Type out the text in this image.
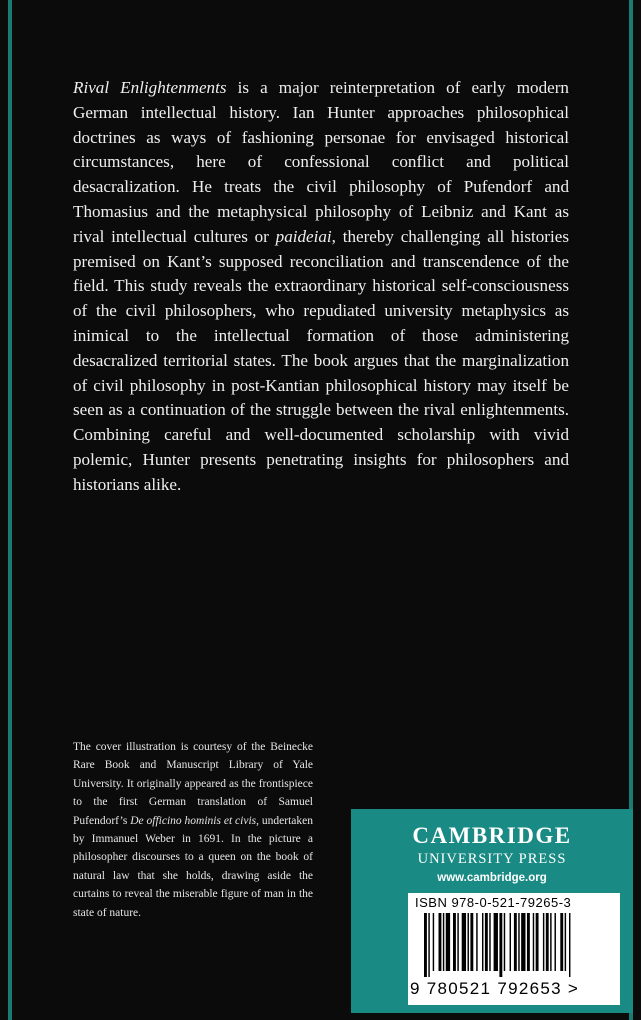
Rival Enlightenments is a major reinterpretation of early modern German intellectual history. Ian Hunter approaches philosophical doctrines as ways of fashioning personae for envisaged historical circumstances, here of confessional conflict and political desacralization. He treats the civil philosophy of Pufendorf and Thomasius and the metaphysical philosophy of Leibniz and Kant as rival intellectual cultures or paideiai, thereby challenging all histories premised on Kant’s supposed reconciliation and transcendence of the field. This study reveals the extraordinary historical self-consciousness of the civil philosophers, who repudiated university metaphysics as inimical to the intellectual formation of those administering desacralized territorial states. The book argues that the marginalization of civil philosophy in post-Kantian philosophical history may itself be seen as a continuation of the struggle between the rival enlightenments. Combining careful and well-documented scholarship with vivid polemic, Hunter presents penetrating insights for philosophers and historians alike.

The cover illustration is courtesy of the Beinecke Rare Book and Manuscript Library of Yale University. It originally appeared as the frontispiece to the first German translation of Samuel Pufendorf’s De officino hominis et civis, undertaken by Immanuel Weber in 1691. In the picture a philosopher discourses to a queen on the book of natural law that she holds, drawing aside the curtains to reveal the miserable figure of man in the state of nature.

CAMBRIDGE

UNIVERSITY PRESS

www.cambridge.org

ISBN 978-0-521-79265-3

9 780521 792653 >
